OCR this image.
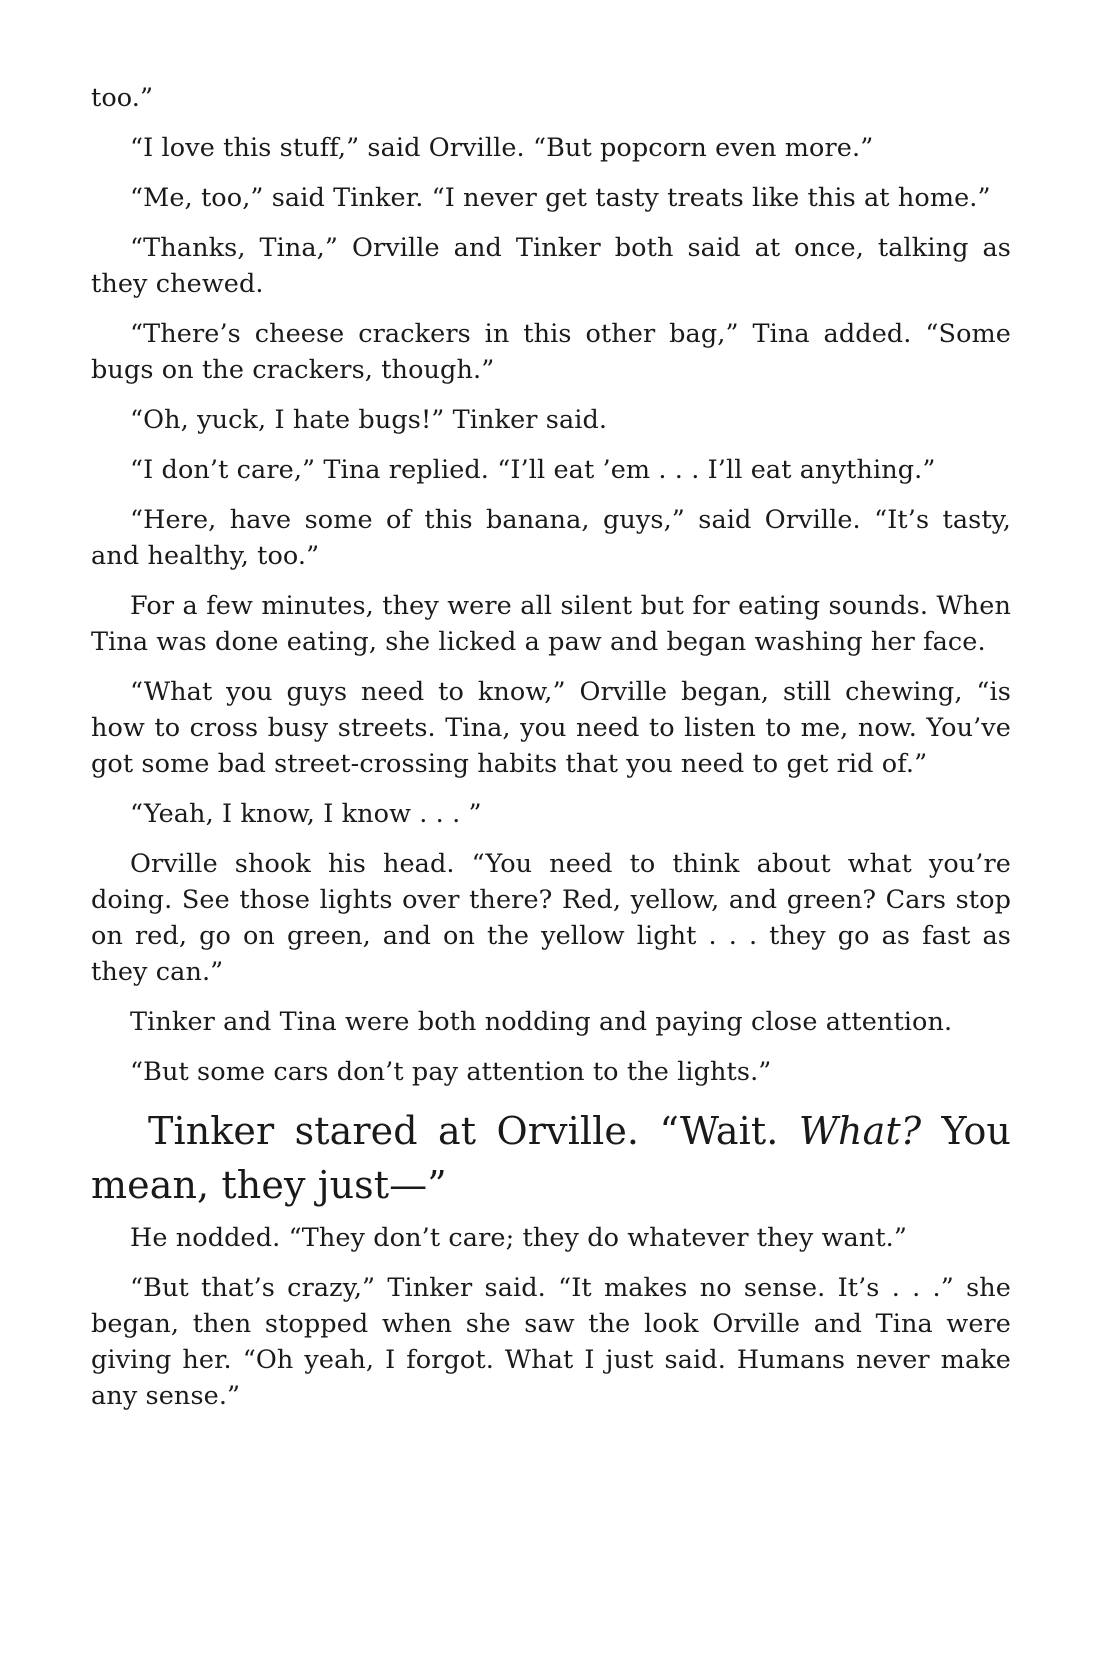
too.”

“I love this stuff,” said Orville. “But popcorn even more.”

“Me, too,” said Tinker. “I never get tasty treats like this at home.”

“Thanks, Tina,” Orville and Tinker both said at once, talking as they chewed.

“There’s cheese crackers in this other bag,” Tina added. “Some bugs on the crackers, though.”

“Oh, yuck, I hate bugs!” Tinker said.

“I don’t care,” Tina replied. “I’ll eat ’em . . . I’ll eat anything.”

“Here, have some of this banana, guys,” said Orville. “It’s tasty, and healthy, too.”

For a few minutes, they were all silent but for eating sounds. When Tina was done eating, she licked a paw and began washing her face.

“What you guys need to know,” Orville began, still chewing, “is how to cross busy streets. Tina, you need to listen to me, now. You’ve got some bad street-crossing habits that you need to get rid of.”

“Yeah, I know, I know . . . ”

Orville shook his head. “You need to think about what you’re doing. See those lights over there? Red, yellow, and green? Cars stop on red, go on green, and on the yellow light . . . they go as fast as they can.”

Tinker and Tina were both nodding and paying close attention.

“But some cars don’t pay attention to the lights.”

Tinker stared at Orville. “Wait. What? You mean, they just—”

He nodded. “They don’t care; they do whatever they want.”

“But that’s crazy,” Tinker said. “It makes no sense. It’s . . .” she began, then stopped when she saw the look Orville and Tina were giving her. “Oh yeah, I forgot. What I just said. Humans never make any sense.”
